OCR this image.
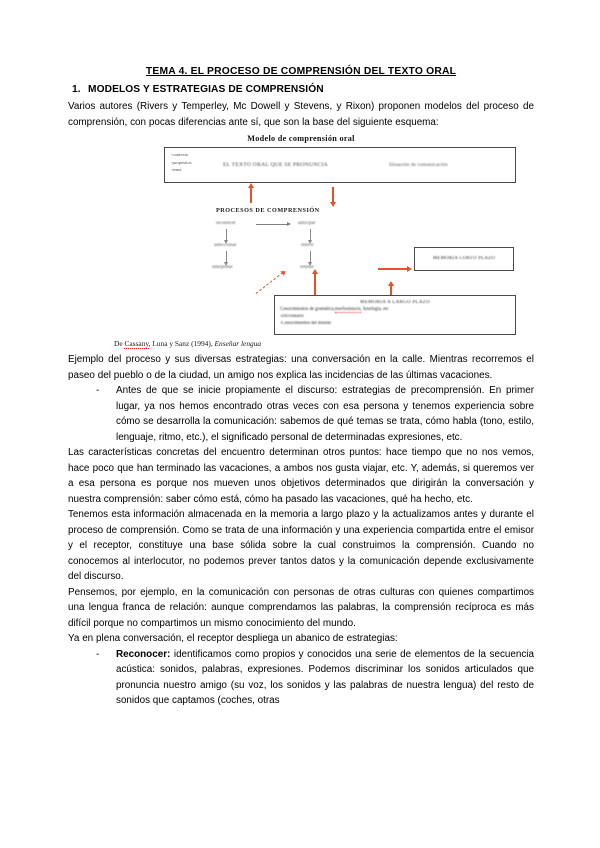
TEMA 4. EL PROCESO DE COMPRENSIÓN DEL TEXTO ORAL
1. MODELOS Y ESTRATEGIAS DE COMPRENSIÓN

Varios autores (Rivers y Temperley, Mc Dowell y Stevens, y Rixon) proponen modelos del proceso de comprensión, con pocas diferencias ante sí, que son la base del siguiente esquema:

Modelo de comprensión oral
-contexto
-propósitos
-tema
EL TEXTO ORAL QUE SE PRONUNCIA	Situación de comunicación
PROCESOS DE COMPRENSIÓN
reconocer	anticipar
seleccionar	inferir
interpretar	retener
MEMORIA CORTO PLAZO
MEMORIA A LARGO PLAZO
Conocimientos de gramática,morfosintaxis, fonología, etc
-Diccionario
-Conocimientos del mundo
De Cassany, Luna y Sanz (1994), Enseñar lengua

Ejemplo del proceso y sus diversas estrategias: una conversación en la calle. Mientras recorremos el paseo del pueblo o de la ciudad, un amigo nos explica las incidencias de las últimas vacaciones.

- Antes de que se inicie propiamente el discurso: estrategias de precomprensión. En primer lugar, ya nos hemos encontrado otras veces con esa persona y tenemos experiencia sobre cómo se desarrolla la comunicación: sabemos de qué temas se trata, cómo habla (tono, estilo, lenguaje, ritmo, etc.), el significado personal de determinadas expresiones, etc.

Las características concretas del encuentro determinan otros puntos: hace tiempo que no nos vemos, hace poco que han terminado las vacaciones, a ambos nos gusta viajar, etc. Y, además, si queremos ver a esa persona es porque nos mueven unos objetivos determinados que dirigirán la conversación y nuestra comprensión: saber cómo está, cómo ha pasado las vacaciones, qué ha hecho, etc.

Tenemos esta información almacenada en la memoria a largo plazo y la actualizamos antes y durante el proceso de comprensión. Como se trata de una información y una experiencia compartida entre el emisor y el receptor, constituye una base sólida sobre la cual construimos la comprensión. Cuando no conocemos al interlocutor, no podemos prever tantos datos y la comunicación depende exclusivamente del discurso.

Pensemos, por ejemplo, en la comunicación con personas de otras culturas con quienes compartimos una lengua franca de relación: aunque comprendamos las palabras, la comprensión recíproca es más difícil porque no compartimos un mismo conocimiento del mundo.

Ya en plena conversación, el receptor despliega un abanico de estrategias:

- Reconocer: identificamos como propios y conocidos una serie de elementos de la secuencia acústica: sonidos, palabras, expresiones. Podemos discriminar los sonidos articulados que pronuncia nuestro amigo (su voz, los sonidos y las palabras de nuestra lengua) del resto de sonidos que captamos (coches, otras
